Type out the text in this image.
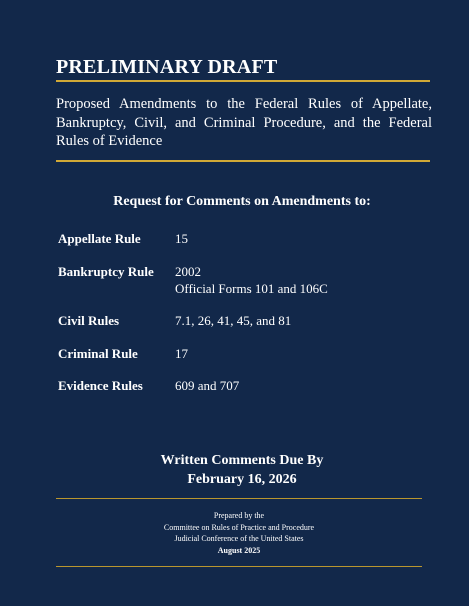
PRELIMINARY DRAFT
Proposed Amendments to the Federal Rules of Appellate, Bankruptcy, Civil, and Criminal Procedure, and the Federal Rules of Evidence
Request for Comments on Amendments to:
Appellate Rule	15
Bankruptcy Rule 2002
Official Forms 101 and 106C
Civil Rules	7.1, 26, 41, 45, and 81
Criminal Rule	17
Evidence Rules 609 and 707
Written Comments Due By
February 16, 2026
Prepared by the
Committee on Rules of Practice and Procedure
Judicial Conference of the United States
August 2025
